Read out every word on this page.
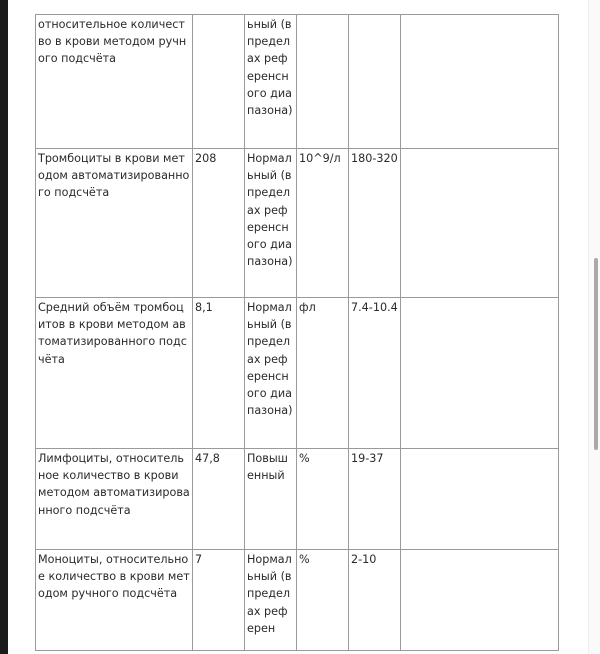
относительное количество в крови методом ручного подсчёта		ьный (в пределах референсного диапазона)			
Тромбоциты в крови методом автоматизированного подсчёта	208	Нормальный (в пределах референсного диапазона)	10^9/л	180-320	
Средний объём тромбоцитов в крови методом автоматизированного подсчёта	8,1	Нормальный (в пределах референсного диапазона)	фл	7.4-10.4	
Лимфоциты, относительное количество в крови методом автоматизированного подсчёта	47,8	Повышенный	%	19-37	
Моноциты, относительное количество в крови методом ручного подсчёта	7	Нормальный (в пределах референ	%	2-10	
